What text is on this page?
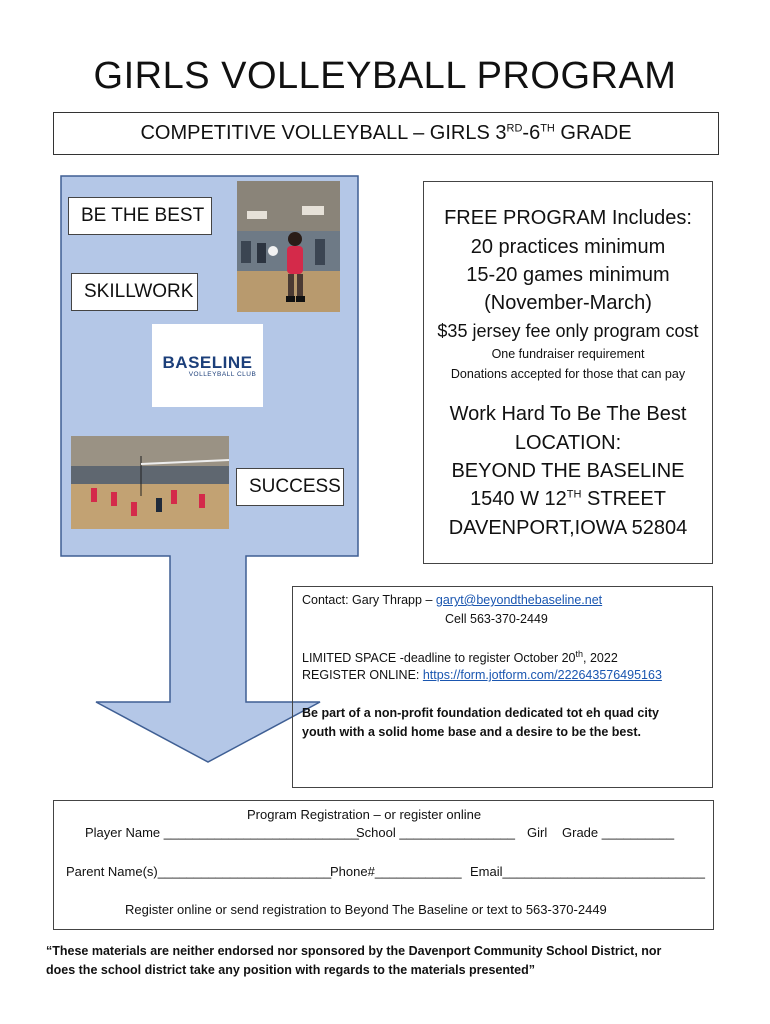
GIRLS VOLLEYBALL PROGRAM
COMPETITIVE VOLLEYBALL – GIRLS 3RD-6TH GRADE
BE THE BEST
SKILLWORK
SUCCESS
BASELINE
VOLLEYBALL CLUB
FREE PROGRAM Includes:
20 practices minimum
15-20 games minimum
(November-March)
$35 jersey fee only program cost
One fundraiser requirement
Donations accepted for those that can pay
Work Hard To Be The Best
LOCATION:
BEYOND THE BASELINE
1540 W 12TH STREET
DAVENPORT,IOWA 52804
Contact: Gary Thrapp – garyt@beyondthebaseline.net
Cell 563-370-2449
LIMITED SPACE -deadline to register October 20th, 2022
REGISTER ONLINE: https://form.jotform.com/222643576495163
Be part of a non-profit foundation dedicated tot eh quad city
youth with a solid home base and a desire to be the best.
Program Registration – or register online
Player Name ___________________________
School ________________ Girl Grade __________
Parent Name(s)________________________
Phone#____________ Email____________________________
Register online or send registration to Beyond The Baseline or text to 563-370-2449
“These materials are neither endorsed nor sponsored by the Davenport Community School District, nor
does the school district take any position with regards to the materials presented”
